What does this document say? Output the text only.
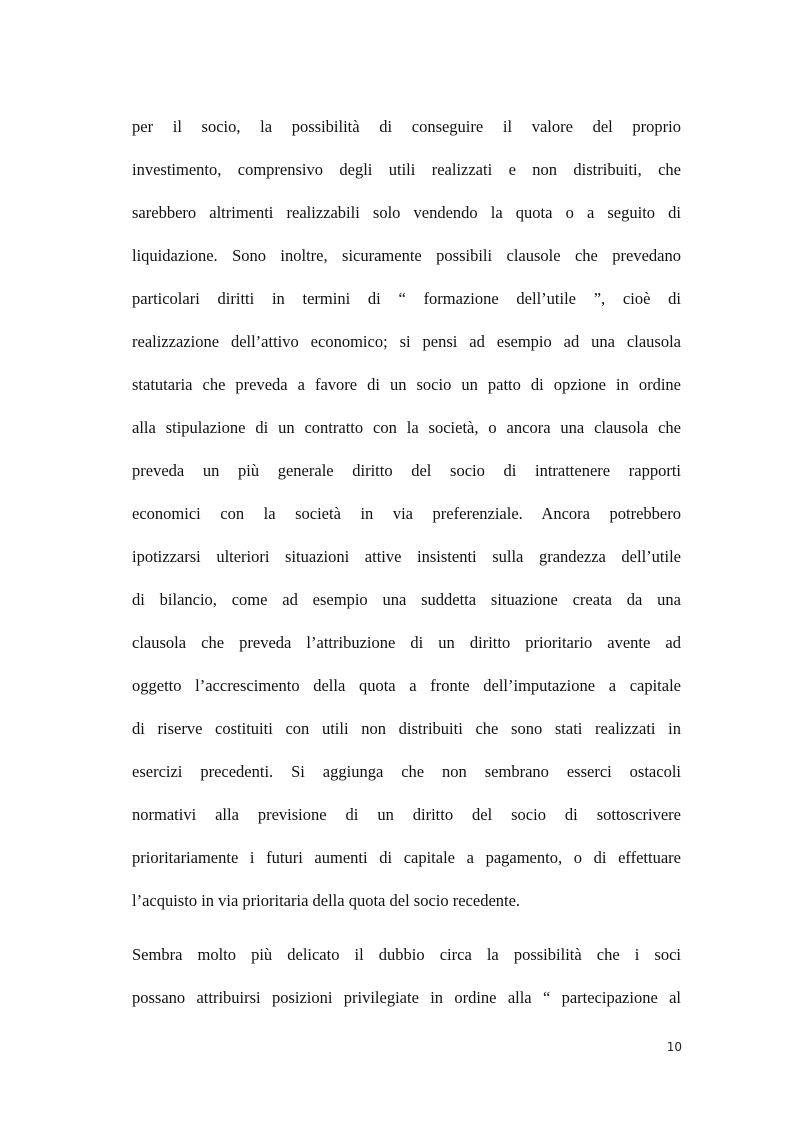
per il socio, la possibilità di conseguire il valore del proprio
investimento, comprensivo degli utili realizzati e non distribuiti, che
sarebbero altrimenti realizzabili solo vendendo la quota o a seguito di
liquidazione. Sono inoltre, sicuramente possibili clausole che prevedano
particolari diritti in termini di “ formazione dell’utile ”, cioè di
realizzazione dell’attivo economico; si pensi ad esempio ad una clausola
statutaria che preveda a favore di un socio un patto di opzione in ordine
alla stipulazione di un contratto con la società, o ancora una clausola che
preveda un più generale diritto del socio di intrattenere rapporti
economici con la società in via preferenziale. Ancora potrebbero
ipotizzarsi ulteriori situazioni attive insistenti sulla grandezza dell’utile
di bilancio, come ad esempio una suddetta situazione creata da una
clausola che preveda l’attribuzione di un diritto prioritario avente ad
oggetto l’accrescimento della quota a fronte dell’imputazione a capitale
di riserve costituiti con utili non distribuiti che sono stati realizzati in
esercizi precedenti. Si aggiunga che non sembrano esserci ostacoli
normativi alla previsione di un diritto del socio di sottoscrivere
prioritariamente i futuri aumenti di capitale a pagamento, o di effettuare
l’acquisto in via prioritaria della quota del socio recedente.
Sembra molto più delicato il dubbio circa la possibilità che i soci
possano attribuirsi posizioni privilegiate in ordine alla “ partecipazione al
10
